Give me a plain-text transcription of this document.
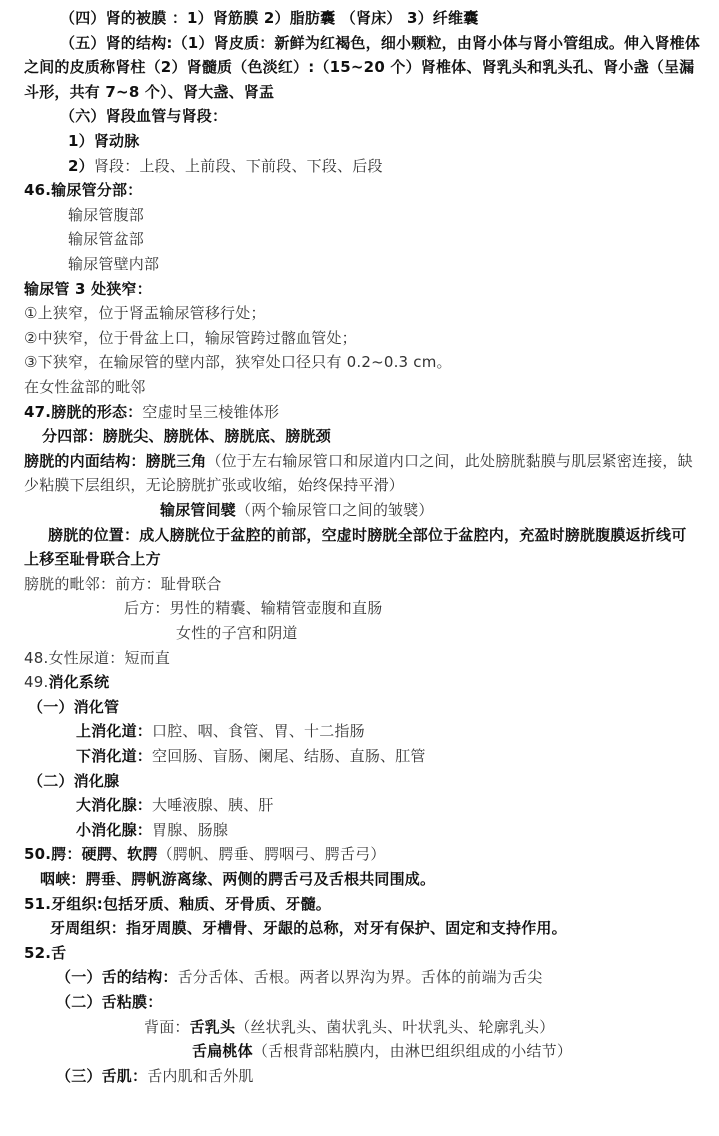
（四）肾的被膜 ：1）肾筋膜 2）脂肪囊 （肾床） 3）纤维囊
（五）肾的结构:（1）肾皮质：新鲜为红褐色，细小颗粒，由肾小体与肾小管组成。伸入肾椎体之间的皮质称肾柱（2）肾髓质（色淡红）:（15~20 个）肾椎体、肾乳头和乳头孔、肾小盏（呈漏斗形，共有 7~8 个）、肾大盏、肾盂
（六）肾段血管与肾段：
1）肾动脉
2）肾段：上段、上前段、下前段、下段、后段
46.输尿管分部：
输尿管腹部
输尿管盆部
输尿管壁内部
输尿管 3 处狭窄：
①上狭窄，位于肾盂输尿管移行处；
②中狭窄，位于骨盆上口，输尿管跨过髂血管处；
③下狭窄，在输尿管的壁内部，狭窄处口径只有 0.2~0.3 cm。
在女性盆部的毗邻
47.膀胱的形态：空虚时呈三棱锥体形
分四部：膀胱尖、膀胱体、膀胱底、膀胱颈
膀胱的内面结构：膀胱三角（位于左右输尿管口和尿道内口之间，此处膀胱黏膜与肌层紧密连接，缺少粘膜下层组织，无论膀胱扩张或收缩，始终保持平滑）
输尿管间襞（两个输尿管口之间的皱襞）
膀胱的位置：成人膀胱位于盆腔的前部，空虚时膀胱全部位于盆腔内，充盈时膀胱腹膜返折线可上移至耻骨联合上方
膀胱的毗邻：前方：耻骨联合
后方：男性的精囊、输精管壶腹和直肠
女性的子宫和阴道
48.女性尿道：短而直
49.消化系统
（一）消化管
上消化道：口腔、咽、食管、胃、十二指肠
下消化道：空回肠、盲肠、阑尾、结肠、直肠、肛管
（二）消化腺
大消化腺：大唾液腺、胰、肝
小消化腺：胃腺、肠腺
50.腭：硬腭、软腭（腭帆、腭垂、腭咽弓、腭舌弓）
咽峡：腭垂、腭帆游离缘、两侧的腭舌弓及舌根共同围成。
51.牙组织:包括牙质、釉质、牙骨质、牙髓。
牙周组织：指牙周膜、牙槽骨、牙龈的总称，对牙有保护、固定和支持作用。
52.舌
（一）舌的结构：舌分舌体、舌根。两者以界沟为界。舌体的前端为舌尖
（二）舌粘膜：
背面：舌乳头（丝状乳头、菌状乳头、叶状乳头、轮廓乳头）
舌扁桃体（舌根背部粘膜内，由淋巴组织组成的小结节）
（三）舌肌：舌内肌和舌外肌
